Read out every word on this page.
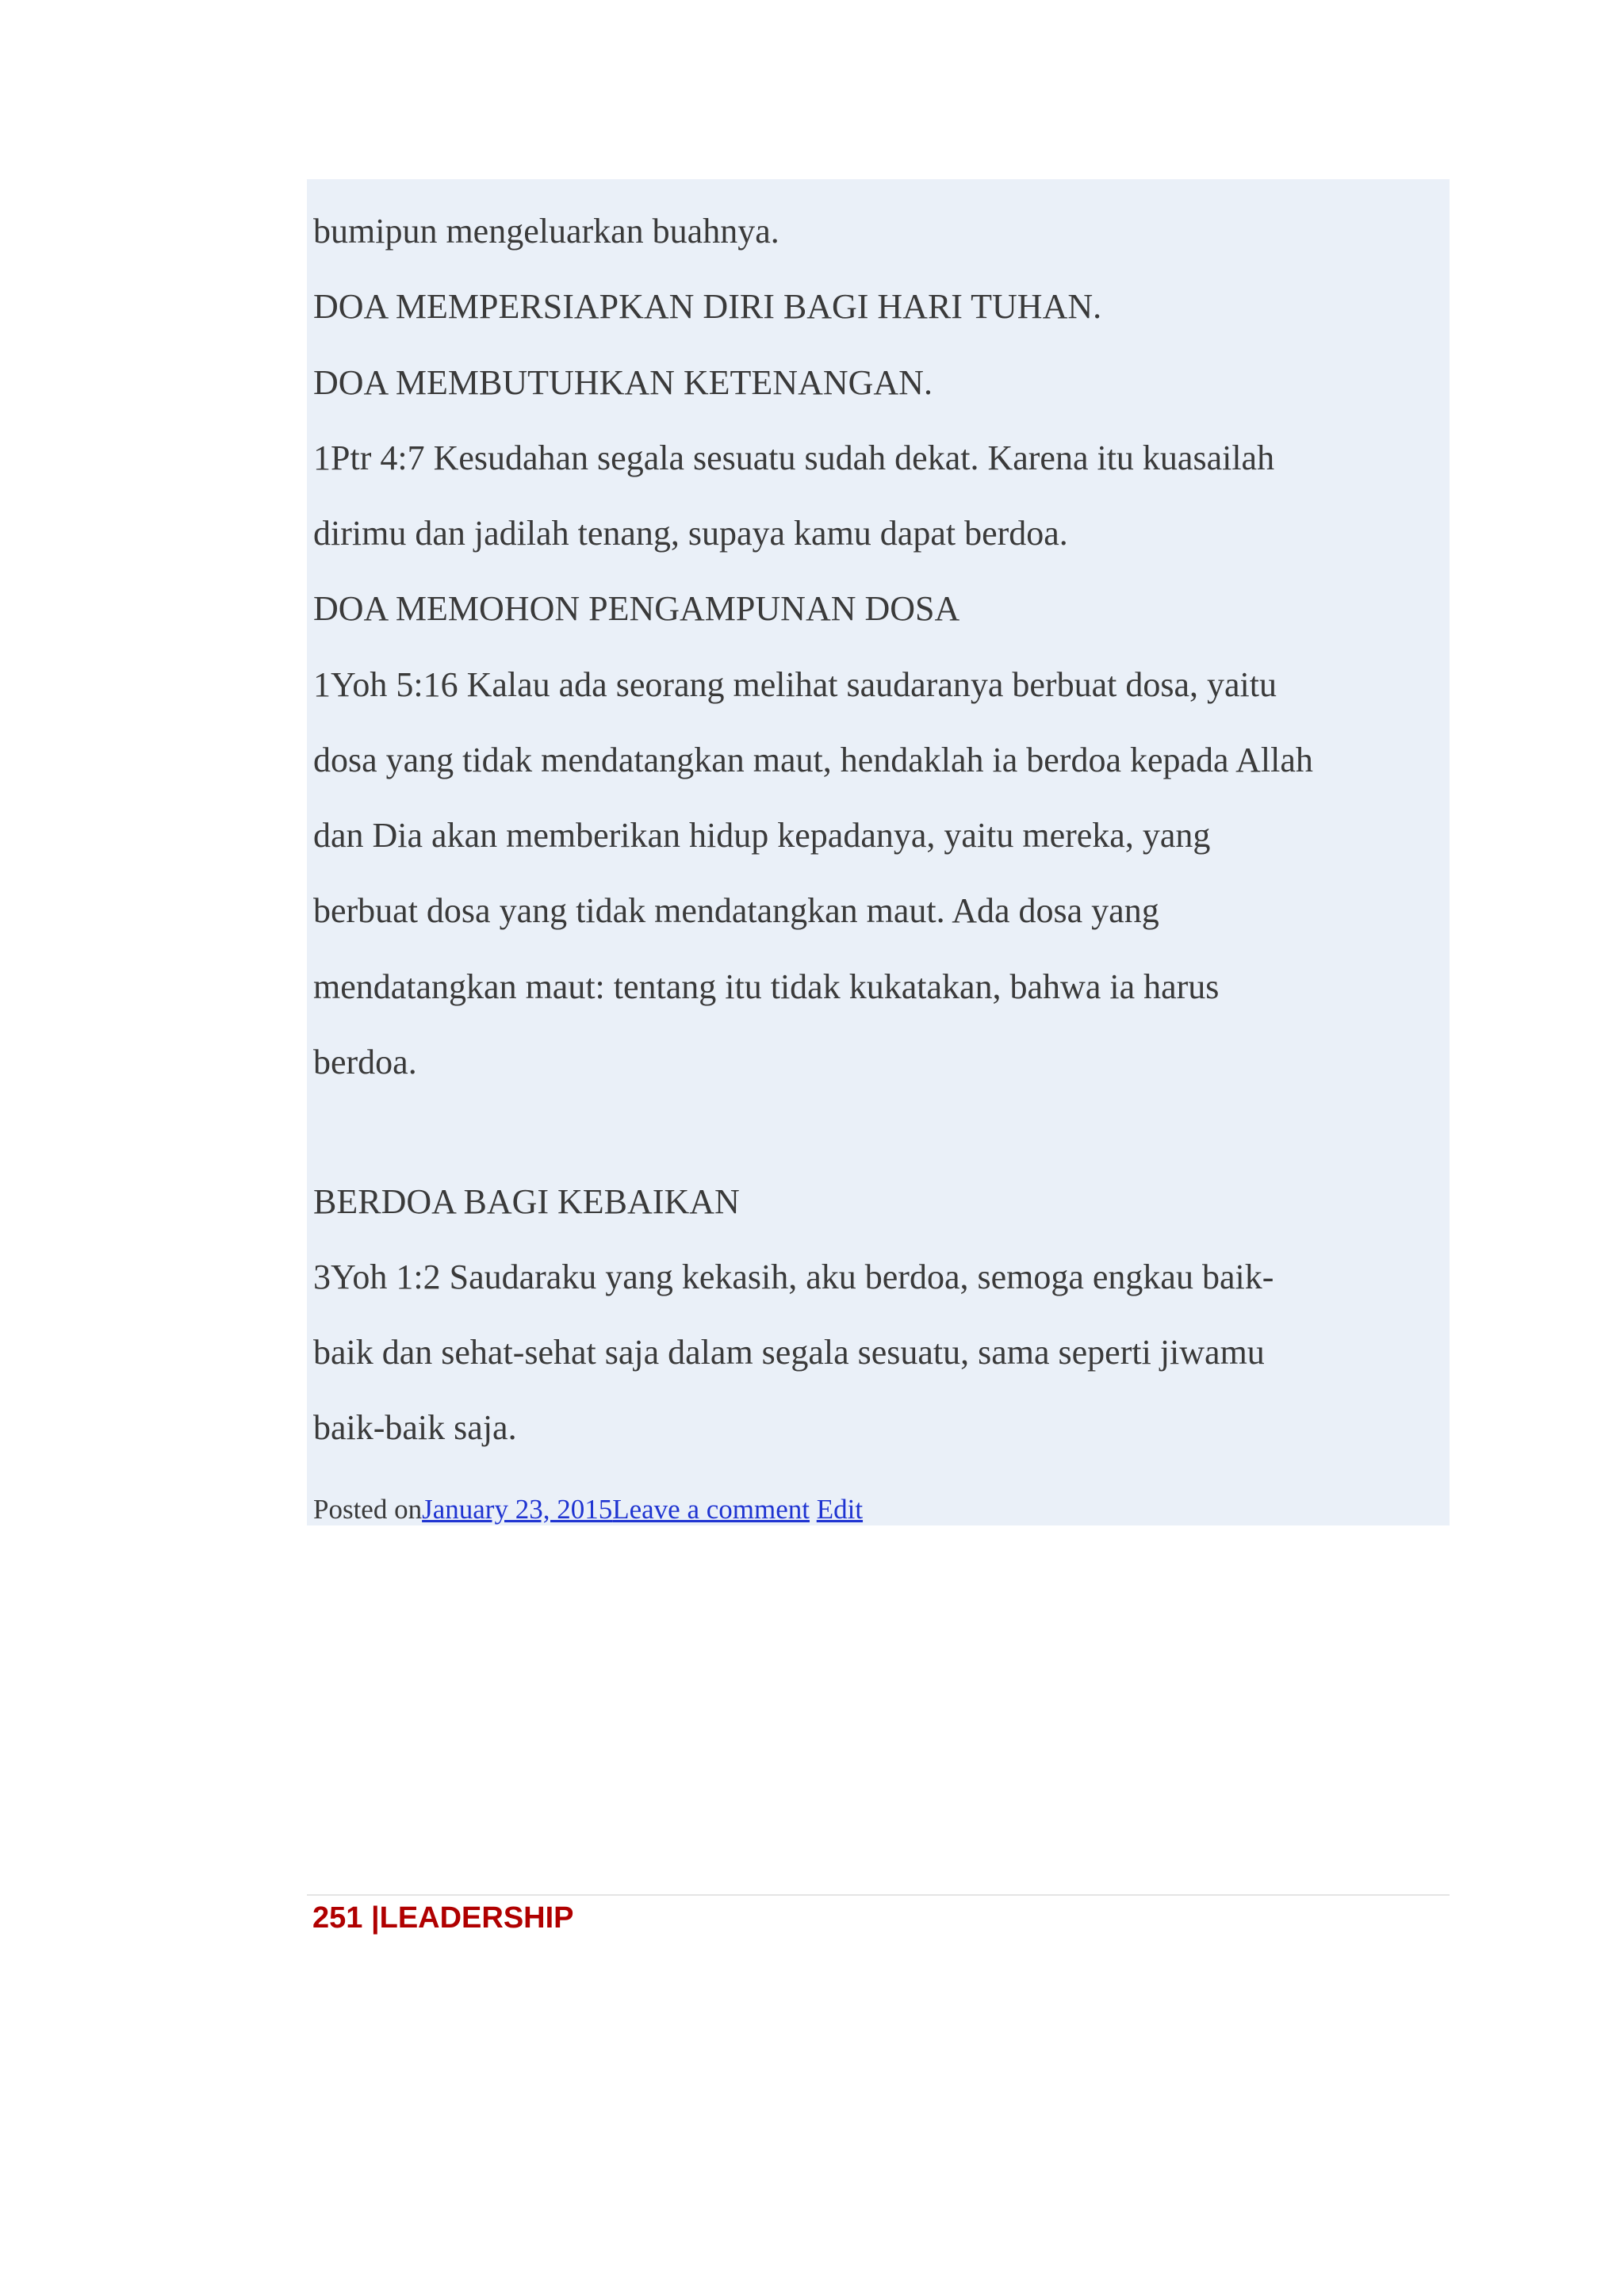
bumipun mengeluarkan buahnya.

DOA MEMPERSIAPKAN DIRI BAGI HARI TUHAN.

DOA MEMBUTUHKAN KETENANGAN.

1Ptr 4:7 Kesudahan segala sesuatu sudah dekat. Karena itu kuasailah

dirimu dan jadilah tenang, supaya kamu dapat berdoa.

DOA MEMOHON PENGAMPUNAN DOSA

1Yoh 5:16 Kalau ada seorang melihat saudaranya berbuat dosa, yaitu

dosa yang tidak mendatangkan maut, hendaklah ia berdoa kepada Allah

dan Dia akan memberikan hidup kepadanya, yaitu mereka, yang

berbuat dosa yang tidak mendatangkan maut. Ada dosa yang

mendatangkan maut: tentang itu tidak kukatakan, bahwa ia harus

berdoa.

BERDOA BAGI KEBAIKAN

3Yoh 1:2 Saudaraku yang kekasih, aku berdoa, semoga engkau baik-

baik dan sehat-sehat saja dalam segala sesuatu, sama seperti jiwamu

baik-baik saja.

Posted onJanuary 23, 2015Leave a comment Edit
251 |LEADERSHIP
